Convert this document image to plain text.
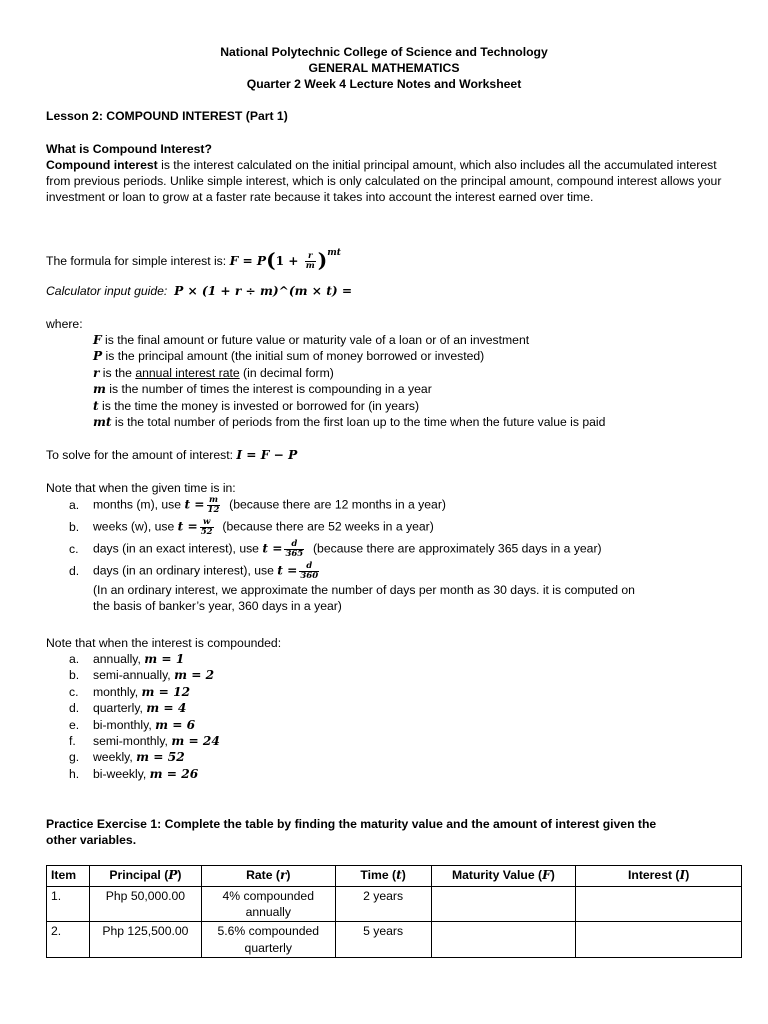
National Polytechnic College of Science and Technology
GENERAL MATHEMATICS
Quarter 2 Week 4 Lecture Notes and Worksheet
Lesson 2: COMPOUND INTEREST (Part 1)
What is Compound Interest?
Compound interest is the interest calculated on the initial principal amount, which also includes all the accumulated interest from previous periods. Unlike simple interest, which is only calculated on the principal amount, compound interest allows your investment or loan to grow at a faster rate because it takes into account the interest earned over time.
The formula for simple interest is: $F = P(1 + \frac{r}{m} )^{mt}$
Calculator input guide: P × (1 + r ÷ m)^(m × t) =
where:
F is the final amount or future value or maturity vale of a loan or of an investment
P is the principal amount (the initial sum of money borrowed or invested)
r is the annual interest rate (in decimal form)
m is the number of times the interest is compounding in a year
t is the time the money is invested or borrowed for (in years)
mt is the total number of periods from the first loan up to the time when the future value is paid
To solve for the amount of interest: I = F − P
Note that when the given time is in:
a. months (m), use $t = \frac{m}{12}$ (because there are 12 months in a year)
b. weeks (w), use $t = \frac{w}{52}$ (because there are 52 weeks in a year)
c. days (in an exact interest), use $t = \frac{d}{365}$ (because there are approximately 365 days in a year)
d. days (in an ordinary interest), use $t = \frac{d}{360}$
(In an ordinary interest, we approximate the number of days per month as 30 days. it is computed on
the basis of banker’s year, 360 days in a year)
Note that when the interest is compounded:
a. annually, m = 1
b. semi-annually, m = 2
c. monthly, m = 12
d. quarterly, m = 4
e. bi-monthly, m = 6
f. semi-monthly, m = 24
g. weekly, m = 52
h. bi-weekly, m = 26
Practice Exercise 1: Complete the table by finding the maturity value and the amount of interest given the
other variables.
Item	Principal (P)	Rate (r)	Time (t)	Maturity Value (F)	Interest (I)
1.	Php 50,000.00	4% compounded
annually	2 years		
2.	Php 125,500.00	5.6% compounded
quarterly	5 years		
